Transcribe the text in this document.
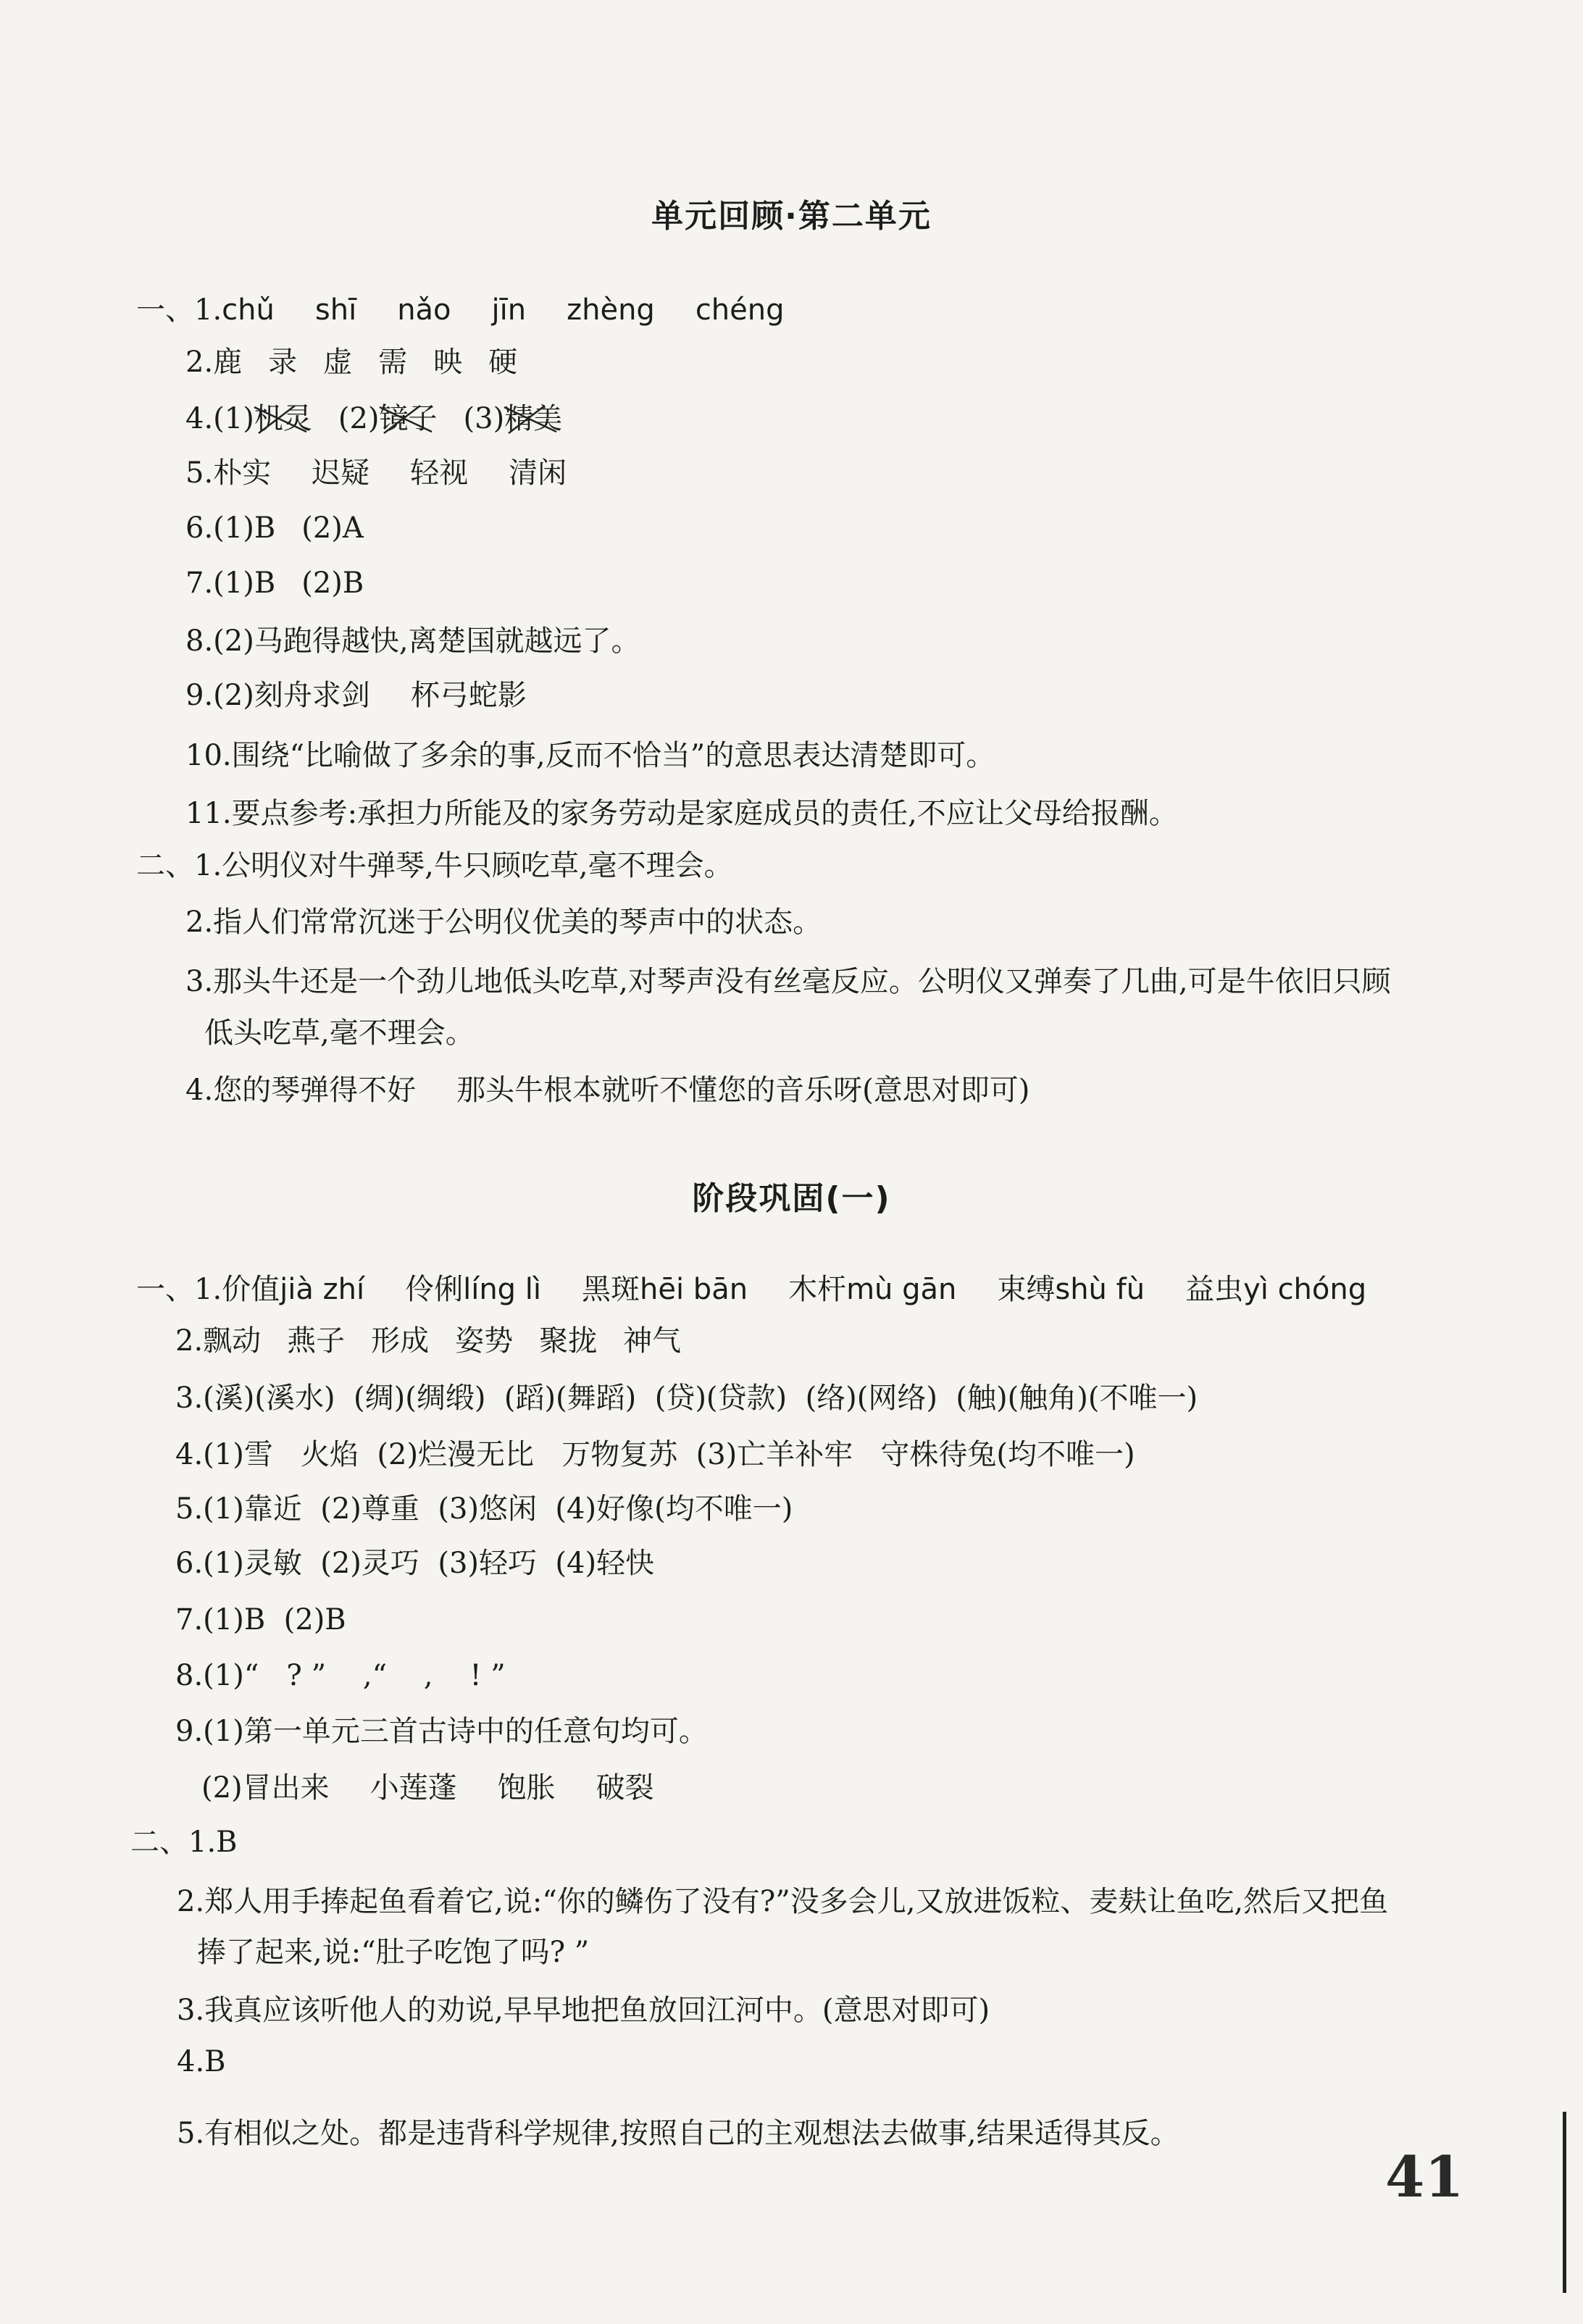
单元回顾·第二单元
一、1.chǔ shī nǎo jīn zhèng chéng
2.鹿 录 虚 需 映 硬
4.(1)机灵 (2)镜子 (3)精美
5.朴实 迟疑 轻视 清闲
6.(1)B (2)A
7.(1)B (2)B
8.(2)马跑得越快,离楚国就越远了。
9.(2)刻舟求剑 杯弓蛇影
10.围绕“比喻做了多余的事,反而不恰当”的意思表达清楚即可。
11.要点参考:承担力所能及的家务劳动是家庭成员的责任,不应让父母给报酬。
二、1.公明仪对牛弹琴,牛只顾吃草,毫不理会。
2.指人们常常沉迷于公明仪优美的琴声中的状态。
3.那头牛还是一个劲儿地低头吃草,对琴声没有丝毫反应。公明仪又弹奏了几曲,可是牛依旧只顾
低头吃草,毫不理会。
4.您的琴弹得不好 那头牛根本就听不懂您的音乐呀(意思对即可)
阶段巩固(一)
一、1.价值jià zhí 伶俐líng lì 黑斑hēi bān 木杆mù gān 束缚shù fù 益虫yì chóng
2.飘动 燕子 形成 姿势 聚拢 神气
3.(溪)(溪水)  (绸)(绸缎)  (蹈)(舞蹈)  (贷)(贷款)  (络)(网络)  (触)(触角)(不唯一)
4.(1)雪   火焰  (2)烂漫无比   万物复苏  (3)亡羊补牢   守株待兔(均不唯一)
5.(1)靠近  (2)尊重  (3)悠闲  (4)好像(均不唯一)
6.(1)灵敏  (2)灵巧  (3)轻巧  (4)轻快
7.(1)B  (2)B
8.(1)“   ? ”    ,“    ,    ! ”
9.(1)第一单元三首古诗中的任意句均可。
(2)冒出来 小莲蓬 饱胀 破裂
二、1.B
2.郑人用手捧起鱼看着它,说:“你的鳞伤了没有?”没多会儿,又放进饭粒、麦麸让鱼吃,然后又把鱼
捧了起来,说:“肚子吃饱了吗? ”
3.我真应该听他人的劝说,早早地把鱼放回江河中。(意思对即可)
4.B
5.有相似之处。都是违背科学规律,按照自己的主观想法去做事,结果适得其反。
41
